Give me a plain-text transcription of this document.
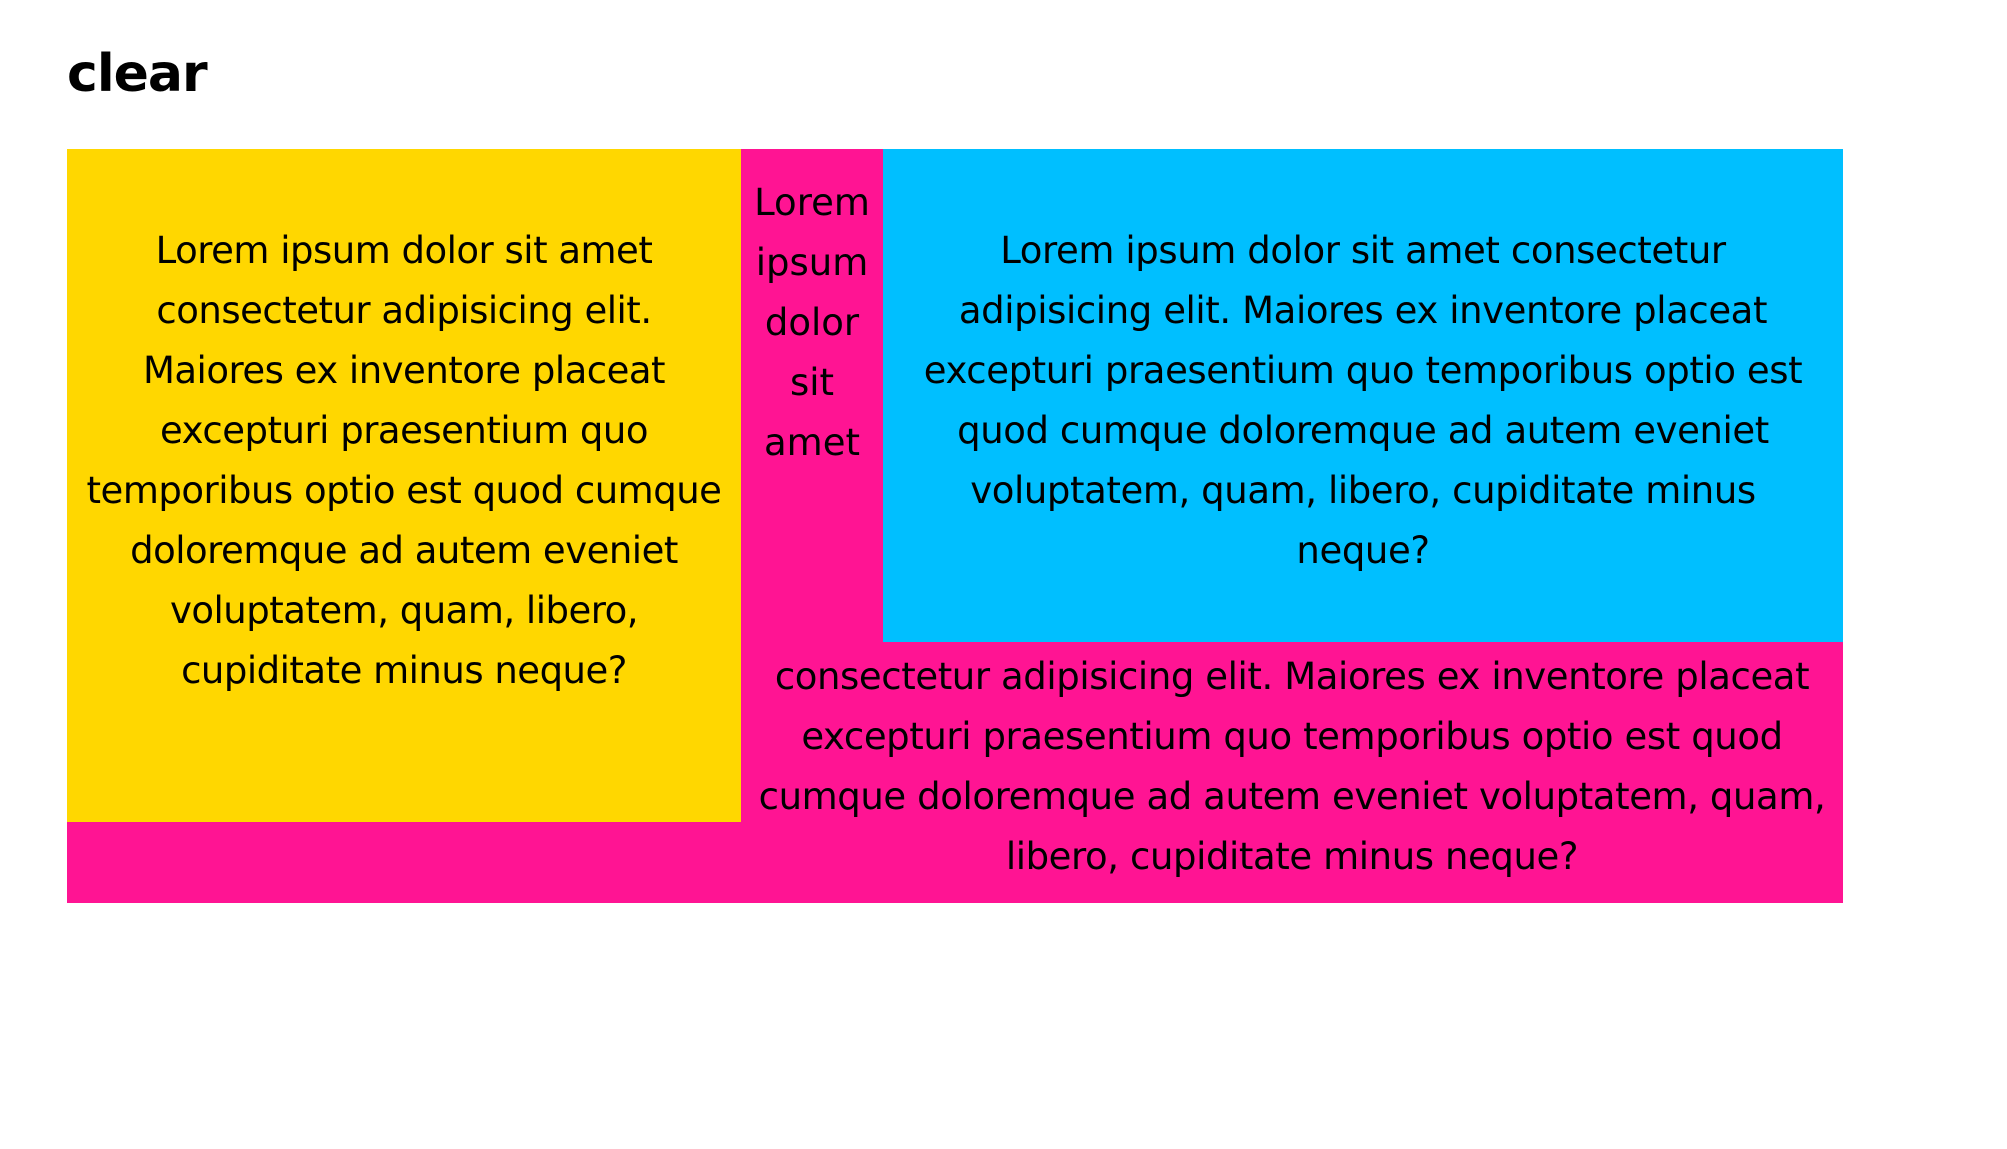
clear

Lorem ipsum dolor sit amet consectetur adipisicing elit. Maiores ex inventore placeat excepturi praesentium quo temporibus optio est quod cumque doloremque ad autem eveniet voluptatem, quam, libero, cupiditate minus neque?

Lorem ipsum dolor sit amet

Lorem ipsum dolor sit amet consectetur adipisicing elit. Maiores ex inventore placeat excepturi praesentium quo temporibus optio est quod cumque doloremque ad autem eveniet voluptatem, quam, libero, cupiditate minus neque?

consectetur adipisicing elit. Maiores ex inventore placeat excepturi praesentium quo temporibus optio est quod cumque doloremque ad autem eveniet voluptatem, quam, libero, cupiditate minus neque?
